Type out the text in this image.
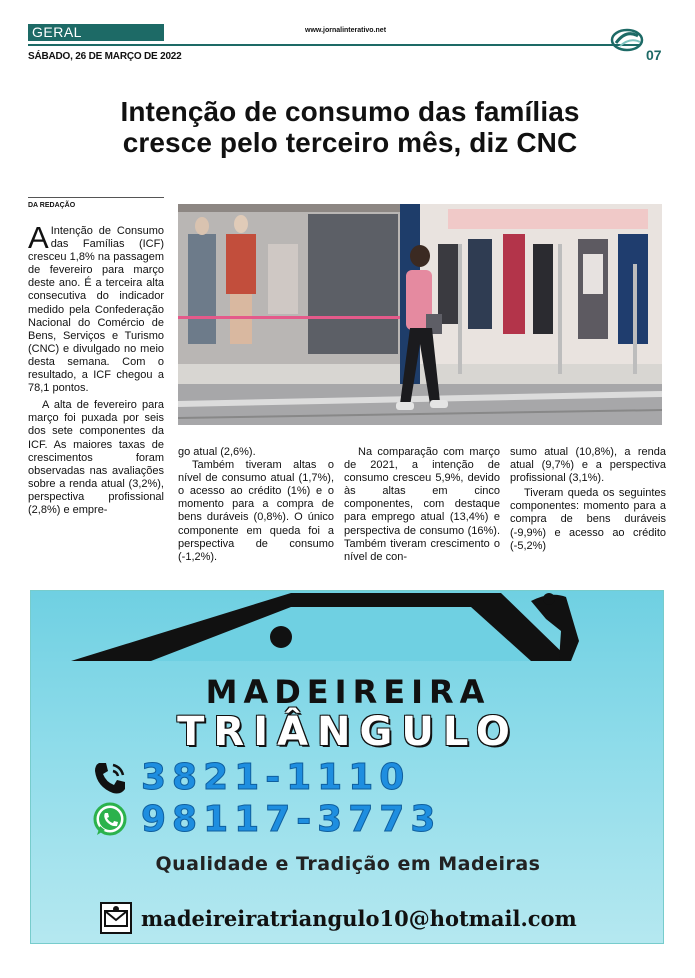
GERAL	www.jornalinterativo.net
07
SÁBADO, 26 DE MARÇO DE 2022
Intenção de consumo das famílias
cresce pelo terceiro mês, diz CNC
DA REDAÇÃO

A Intenção de Consumo das Famílias (ICF) cresceu 1,8% na passagem de fevereiro para março deste ano. É a terceira alta consecutiva do indicador medido pela Confederação Nacional do Comércio de Bens, Serviços e Turismo (CNC) e divulgado no meio desta semana. Com o resultado, a ICF chegou a 78,1 pontos.

A alta de fevereiro para março foi puxada por seis dos sete componentes da ICF. As maiores taxas de crescimentos foram observadas nas avaliações sobre a renda atual (3,2%), perspectiva profissional (2,8%) e empre-

go atual (2,6%).

Também tiveram altas o nível de consumo atual (1,7%), o acesso ao crédito (1%) e o momento para a compra de bens duráveis (0,8%). O único componente em queda foi a perspectiva de consumo (-1,2%).

Na comparação com março de 2021, a intenção de consumo cresceu 5,9%, devido às altas em cinco componentes, com destaque para emprego atual (13,4%) e perspectiva de consumo (16%). Também tiveram crescimento o nível de con-

sumo atual (10,8%), a renda atual (9,7%) e a perspectiva profissional (3,1%).

Tiveram queda os seguintes componentes: momento para a compra de bens duráveis (-9,9%) e acesso ao crédito (-5,2%)

MADEIREIRA
TRIÂNGULO
3821-1110
98117-3773
Qualidade e Tradição em Madeiras
madeireiratriangulo10@hotmail.com
